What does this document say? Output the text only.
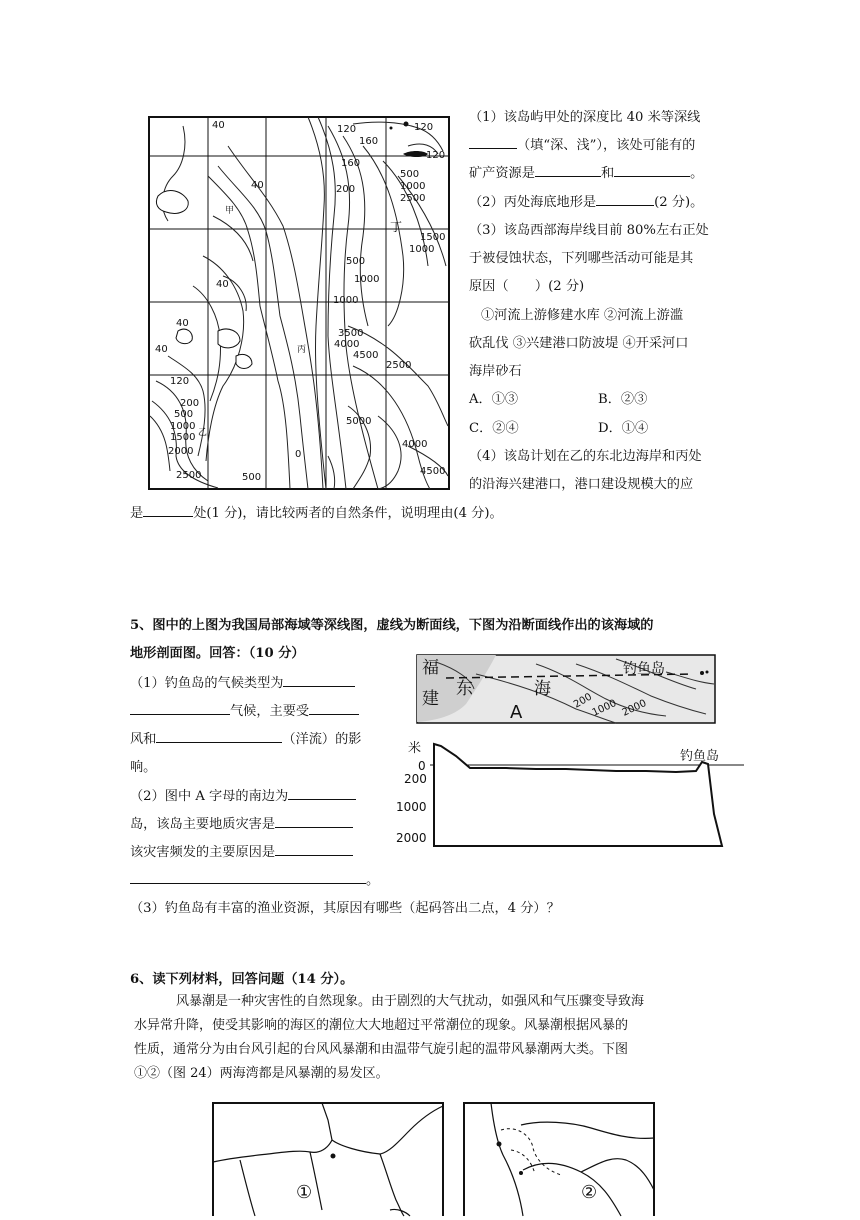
40	120
160
120
120
160
500
1000
40	200
甲
2500
丁
1500
1000
500
1000
40
1000
40
3500
4000
40
4500
丙
2500
120
200
500
1000	5000
乙
1500
4000
2000	0
2500	500
4500
（1）该岛屿甲处的深度比 40 米等深线
（填“深、浅”），该处可能有的
矿产资源是	和	。
（2）丙处海底地形是	(2 分)。
（3）该岛西部海岸线目前 80%左右正处
于被侵蚀状态，下列哪些活动可能是其
原因（　　）(2 分)
①河流上游修建水库 ②河流上游滥
砍乱伐 ③兴建港口防波堤 ④开采河口
海岸砂石
A．①③	B．②③
C．②④	D．①④
（4）该岛计划在乙的东北边海岸和丙处
的沿海兴建港口，港口建设规模大的应
是	处(1 分)，请比较两者的自然条件，说明理由(4 分)。
5、图中的上图为我国局部海域等深线图，虚线为断面线，下图为沿断面线作出的该海域的
地形剖面图。回答：（10 分）
福
建 东	海
A
钓鱼岛
200
1000 2000
米
0
200
1000
2000
钓鱼岛
（1）钓鱼岛的气候类型为
气候，主要受
风和	（洋流）的影
响。
（2）图中 A 字母的南边为
岛，该岛主要地质灾害是
该灾害频发的主要原因是
。
（3）钓鱼岛有丰富的渔业资源，其原因有哪些（起码答出二点，4 分）？
6、读下列材料，回答问题（14 分）。
风暴潮是一种灾害性的自然现象。由于剧烈的大气扰动，如强风和气压骤变导致海
水异常升降，使受其影响的海区的潮位大大地超过平常潮位的现象。风暴潮根据风暴的
性质，通常分为由台风引起的台风风暴潮和由温带气旋引起的温带风暴潮两大类。下图
①②（图 24）两海湾都是风暴潮的易发区。
①	②
